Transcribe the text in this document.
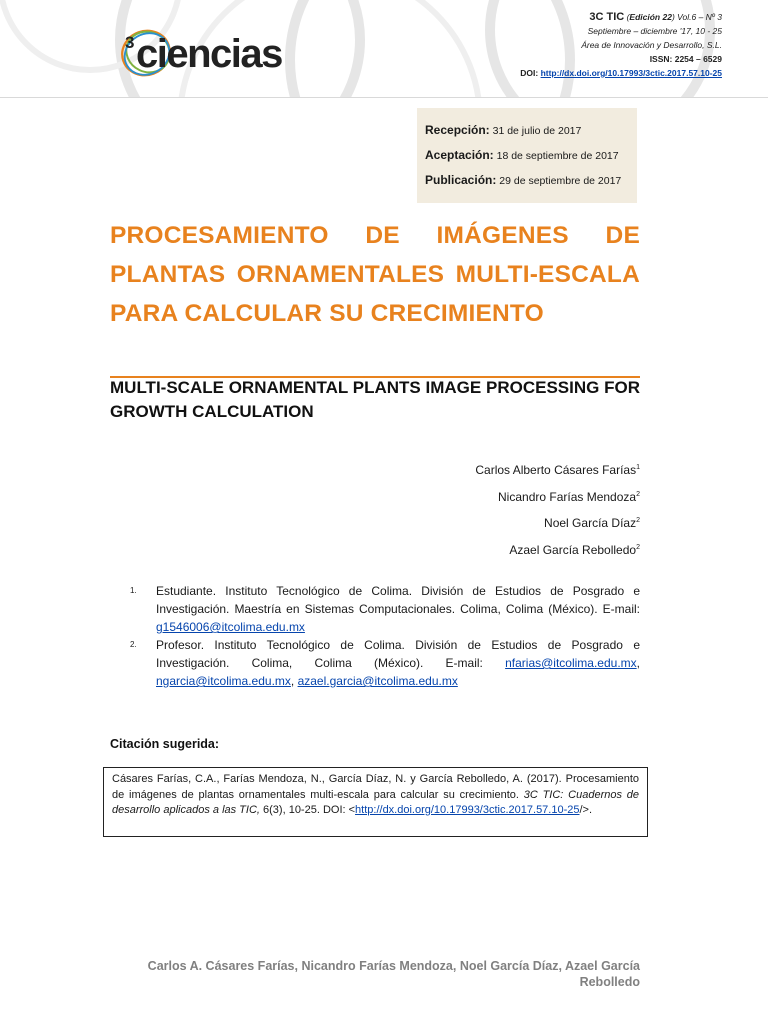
3 ciencias
3C TIC (Edición 22) Vol.6 – Nº 3
Septiembre – diciembre '17, 10 - 25
Área de Innovación y Desarrollo, S.L.
ISSN: 2254 – 6529
DOI: http://dx.doi.org/10.17993/3ctic.2017.57.10-25
Recepción: 31 de julio de 2017
Aceptación: 18 de septiembre de 2017
Publicación: 29 de septiembre de 2017
PROCESAMIENTO DE IMÁGENES DE PLANTAS ORNAMENTALES MULTI-ESCALA PARA CALCULAR SU CRECIMIENTO
MULTI-SCALE ORNAMENTAL PLANTS IMAGE PROCESSING FOR GROWTH CALCULATION
Carlos Alberto Cásares Farías$^1$
Nicandro Farías Mendoza$^2$
Noel García Díaz$^2$
Azael García Rebolledo$^2$
1. Estudiante. Instituto Tecnológico de Colima. División de Estudios de Posgrado e Investigación. Maestría en Sistemas Computacionales. Colima, Colima (México). E-mail: g1546006@itcolima.edu.mx
2. Profesor. Instituto Tecnológico de Colima. División de Estudios de Posgrado e Investigación. Colima, Colima (México). E-mail: nfarias@itcolima.edu.mx, ngarcia@itcolima.edu.mx, azael.garcia@itcolima.edu.mx
Citación sugerida:
Cásares Farías, C.A., Farías Mendoza, N., García Díaz, N. y García Rebolledo, A. (2017). Procesamiento de imágenes de plantas ornamentales multi-escala para calcular su crecimiento. 3C TIC: Cuadernos de desarrollo aplicados a las TIC, 6(3), 10-25. DOI: <http://dx.doi.org/10.17993/3ctic.2017.57.10-25/>.
Carlos A. Cásares Farías, Nicandro Farías Mendoza, Noel García Díaz, Azael García Rebolledo
